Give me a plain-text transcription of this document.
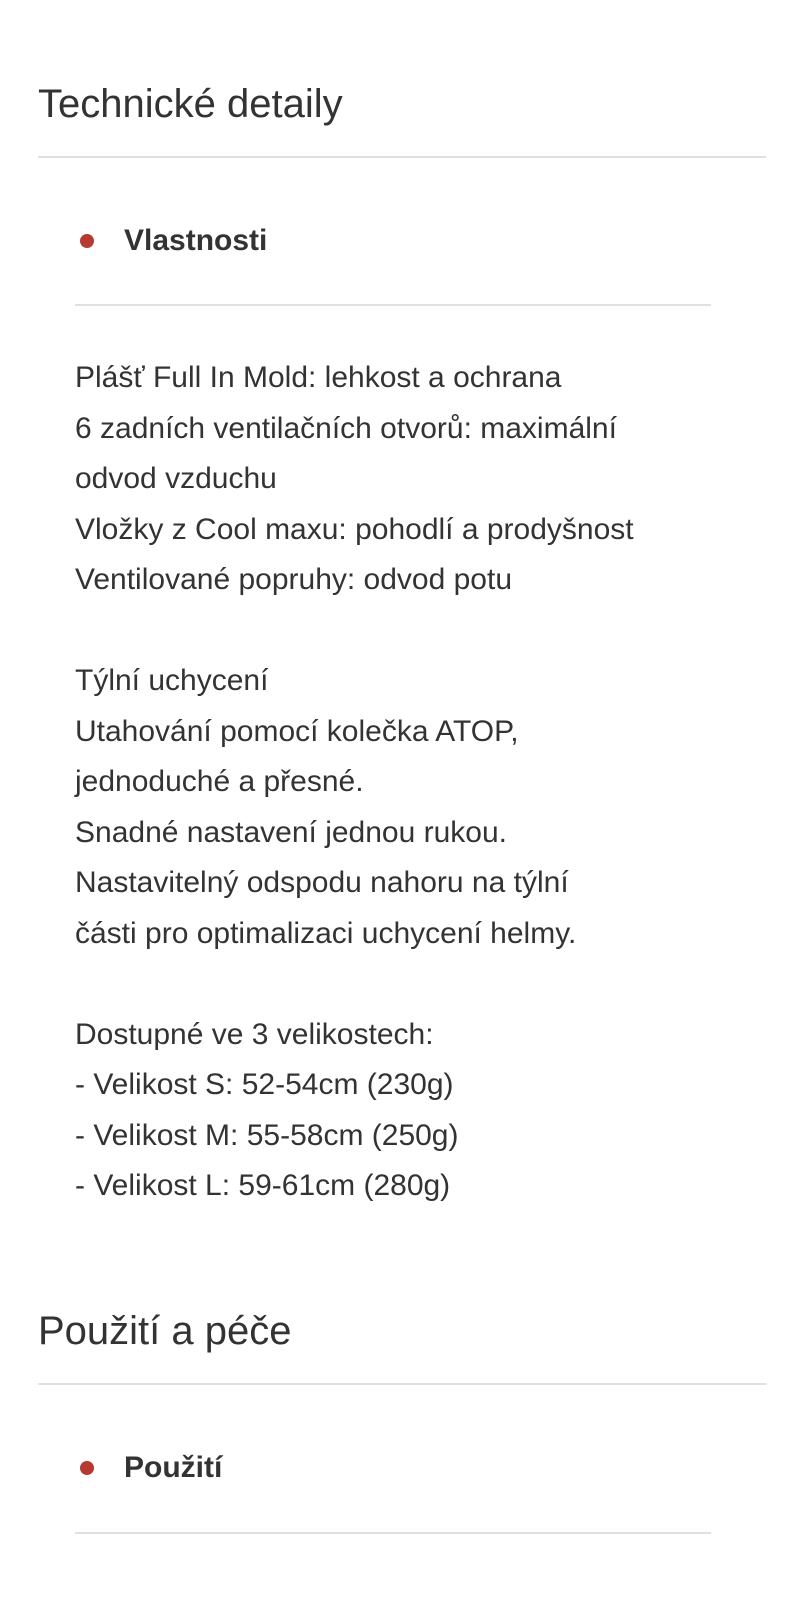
Technické detaily
Vlastnosti
Plášť Full In Mold: lehkost a ochrana
6 zadních ventilačních otvorů: maximální
odvod vzduchu
Vložky z Cool maxu: pohodlí a prodyšnost
Ventilované popruhy: odvod potu
Týlní uchycení
Utahování pomocí kolečka ATOP,
jednoduché a přesné.
Snadné nastavení jednou rukou.
Nastavitelný odspodu nahoru na týlní
části pro optimalizaci uchycení helmy.
Dostupné ve 3 velikostech:
- Velikost S: 52-54cm (230g)
- Velikost M: 55-58cm (250g)
- Velikost L: 59-61cm (280g)
Použití a péče
Použití
